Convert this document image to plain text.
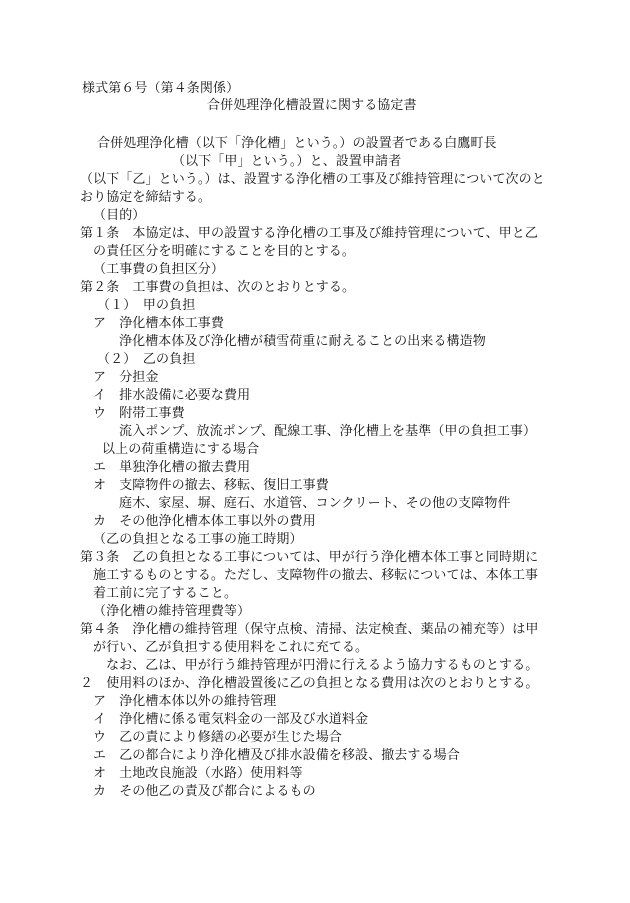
様式第６号（第４条関係）
合併処理浄化槽設置に関する協定書
合併処理浄化槽（以下「浄化槽」という。）の設置者である白鷹町長
（以下「甲」という。）と、設置申請者
（以下「乙」という。）は、設置する浄化槽の工事及び維持管理について次のと
おり協定を締結する。
（目的）
第１条　本協定は、甲の設置する浄化槽の工事及び維持管理について、甲と乙
の責任区分を明確にすることを目的とする。
（工事費の負担区分）
第２条　工事費の負担は、次のとおりとする。
（１）　甲の負担
ア　浄化槽本体工事費
浄化槽本体及び浄化槽が積雪荷重に耐えることの出来る構造物
（２）　乙の負担
ア　分担金
イ　排水設備に必要な費用
ウ　附帯工事費
流入ポンプ、放流ポンプ、配線工事、浄化槽上を基準（甲の負担工事）
以上の荷重構造にする場合
エ　単独浄化槽の撤去費用
オ　支障物件の撤去、移転、復旧工事費
庭木、家屋、塀、庭石、水道管、コンクリート、その他の支障物件
カ　その他浄化槽本体工事以外の費用
（乙の負担となる工事の施工時期）
第３条　乙の負担となる工事については、甲が行う浄化槽本体工事と同時期に
施工するものとする。ただし、支障物件の撤去、移転については、本体工事
着工前に完了すること。
（浄化槽の維持管理費等）
第４条　浄化槽の維持管理（保守点検、清掃、法定検査、薬品の補充等）は甲
が行い、乙が負担する使用料をこれに充てる。
なお、乙は、甲が行う維持管理が円滑に行えるよう協力するものとする。
２　使用料のほか、浄化槽設置後に乙の負担となる費用は次のとおりとする。
ア　浄化槽本体以外の維持管理
イ　浄化槽に係る電気料金の一部及び水道料金
ウ　乙の責により修繕の必要が生じた場合
エ　乙の都合により浄化槽及び排水設備を移設、撤去する場合
オ　土地改良施設（水路）使用料等
カ　その他乙の責及び都合によるもの
